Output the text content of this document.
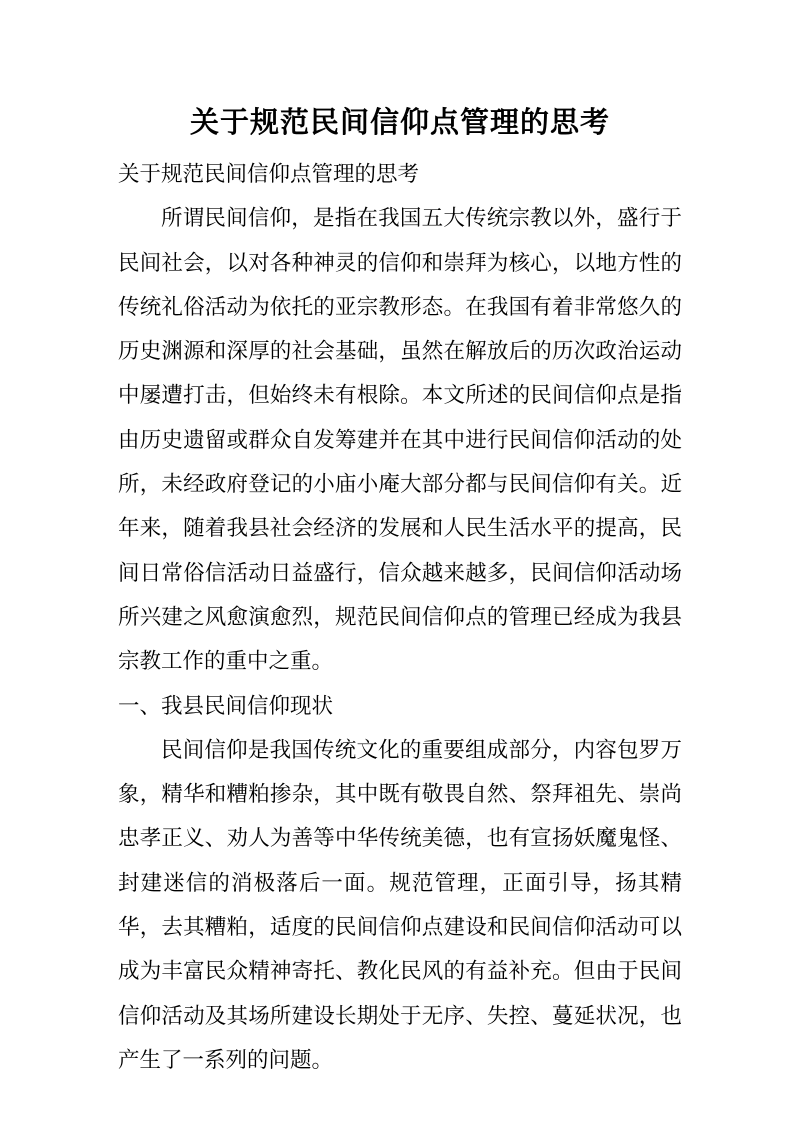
关于规范民间信仰点管理的思考

关于规范民间信仰点管理的思考

所谓民间信仰，是指在我国五大传统宗教以外，盛行于民间社会，以对各种神灵的信仰和崇拜为核心，以地方性的传统礼俗活动为依托的亚宗教形态。在我国有着非常悠久的历史渊源和深厚的社会基础，虽然在解放后的历次政治运动中屡遭打击，但始终未有根除。本文所述的民间信仰点是指由历史遗留或群众自发筹建并在其中进行民间信仰活动的处所，未经政府登记的小庙小庵大部分都与民间信仰有关。近年来，随着我县社会经济的发展和人民生活水平的提高，民间日常俗信活动日益盛行，信众越来越多，民间信仰活动场所兴建之风愈演愈烈，规范民间信仰点的管理已经成为我县宗教工作的重中之重。

一、我县民间信仰现状

民间信仰是我国传统文化的重要组成部分，内容包罗万象，精华和糟粕掺杂，其中既有敬畏自然、祭拜祖先、崇尚忠孝正义、劝人为善等中华传统美德，也有宣扬妖魔鬼怪、封建迷信的消极落后一面。规范管理，正面引导，扬其精华，去其糟粕，适度的民间信仰点建设和民间信仰活动可以成为丰富民众精神寄托、教化民风的有益补充。但由于民间信仰活动及其场所建设长期处于无序、失控、蔓延状况，也产生了一系列的问题。
